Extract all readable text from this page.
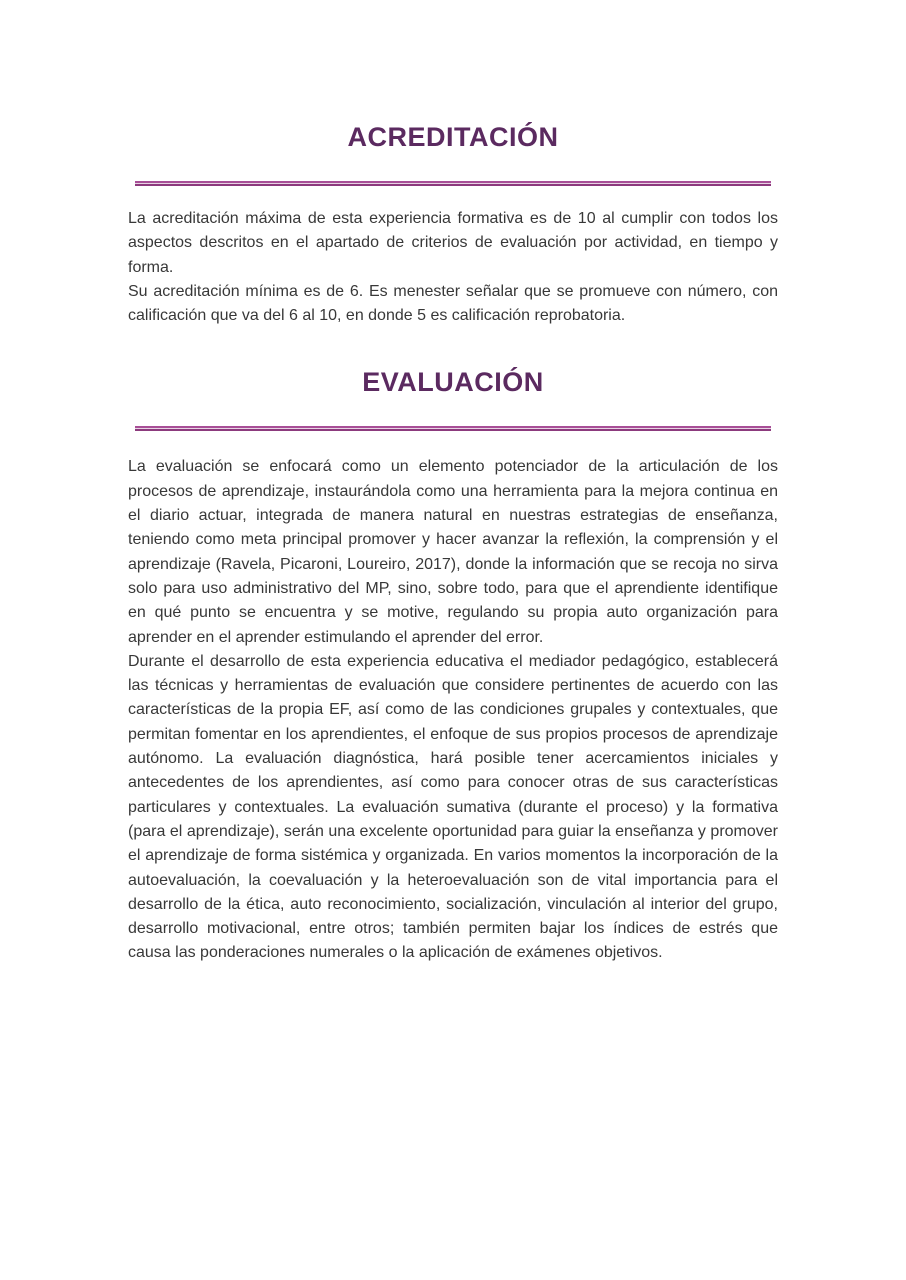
ACREDITACIÓN

La acreditación máxima de esta experiencia formativa es de 10 al cumplir con todos los aspectos descritos en el apartado de criterios de evaluación por actividad, en tiempo y forma.

Su acreditación mínima es de 6. Es menester señalar que se promueve con número, con calificación que va del 6 al 10, en donde 5 es calificación reprobatoria.

EVALUACIÓN

La evaluación se enfocará como un elemento potenciador de la articulación de los procesos de aprendizaje, instaurándola como una herramienta para la mejora continua en el diario actuar, integrada de manera natural en nuestras estrategias de enseñanza, teniendo como meta principal promover y hacer avanzar la reflexión, la comprensión y el aprendizaje (Ravela, Picaroni, Loureiro, 2017), donde la información que se recoja no sirva solo para uso administrativo del MP, sino, sobre todo, para que el aprendiente identifique en qué punto se encuentra y se motive, regulando su propia auto organización para aprender en el aprender estimulando el aprender del error.

Durante el desarrollo de esta experiencia educativa el mediador pedagógico, establecerá las técnicas y herramientas de evaluación que considere pertinentes de acuerdo con las características de la propia EF, así como de las condiciones grupales y contextuales, que permitan fomentar en los aprendientes, el enfoque de sus propios procesos de aprendizaje autónomo. La evaluación diagnóstica, hará posible tener acercamientos iniciales y antecedentes de los aprendientes, así como para conocer otras de sus características particulares y contextuales. La evaluación sumativa (durante el proceso) y la formativa (para el aprendizaje), serán una excelente oportunidad para guiar la enseñanza y promover el aprendizaje de forma sistémica y organizada. En varios momentos la incorporación de la autoevaluación, la coevaluación y la heteroevaluación son de vital importancia para el desarrollo de la ética, auto reconocimiento, socialización, vinculación al interior del grupo, desarrollo motivacional, entre otros; también permiten bajar los índices de estrés que causa las ponderaciones numerales o la aplicación de exámenes objetivos.
